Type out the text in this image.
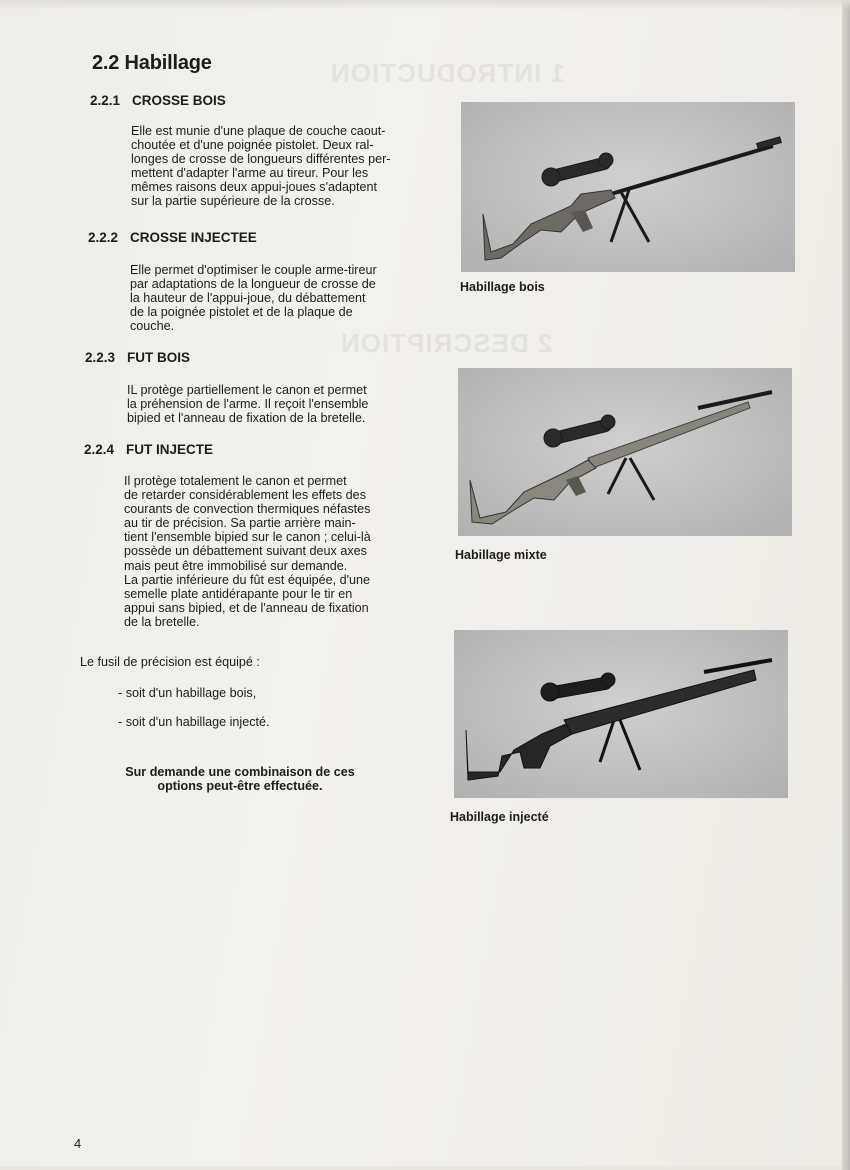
1 INTRODUCTION
2 DESCRIPTION
2.2 Habillage
2.2.1 CROSSE BOIS
Elle est munie d'une plaque de couche caout-
choutée et d'une poignée pistolet. Deux ral-
longes de crosse de longueurs différentes per-
mettent d'adapter l'arme au tireur. Pour les
mêmes raisons deux appui-joues s'adaptent
sur la partie supérieure de la crosse.
2.2.2 CROSSE INJECTEE
Elle permet d'optimiser le couple arme-tireur
par adaptations de la longueur de crosse de
la hauteur de l'appui-joue, du débattement
de la poignée pistolet et de la plaque de
couche.
2.2.3 FUT BOIS
IL protège partiellement le canon et permet
la préhension de l'arme. Il reçoit l'ensemble
bipied et l'anneau de fixation de la bretelle.
2.2.4 FUT INJECTE
Il protège totalement le canon et permet
de retarder considérablement les effets des
courants de convection thermiques néfastes
au tir de précision. Sa partie arrière main-
tient l'ensemble bipied sur le canon ; celui-là
possède un débattement suivant deux axes
mais peut être immobilisé sur demande.
La partie inférieure du fût est équipée, d'une
semelle plate antidérapante pour le tir en
appui sans bipied, et de l'anneau de fixation
de la bretelle.
Le fusil de précision est équipé :
- soit d'un habillage bois,
- soit d'un habillage injecté.
Sur demande une combinaison de ces
options peut-être effectuée.
Habillage bois
Habillage mixte
Habillage injecté
4
